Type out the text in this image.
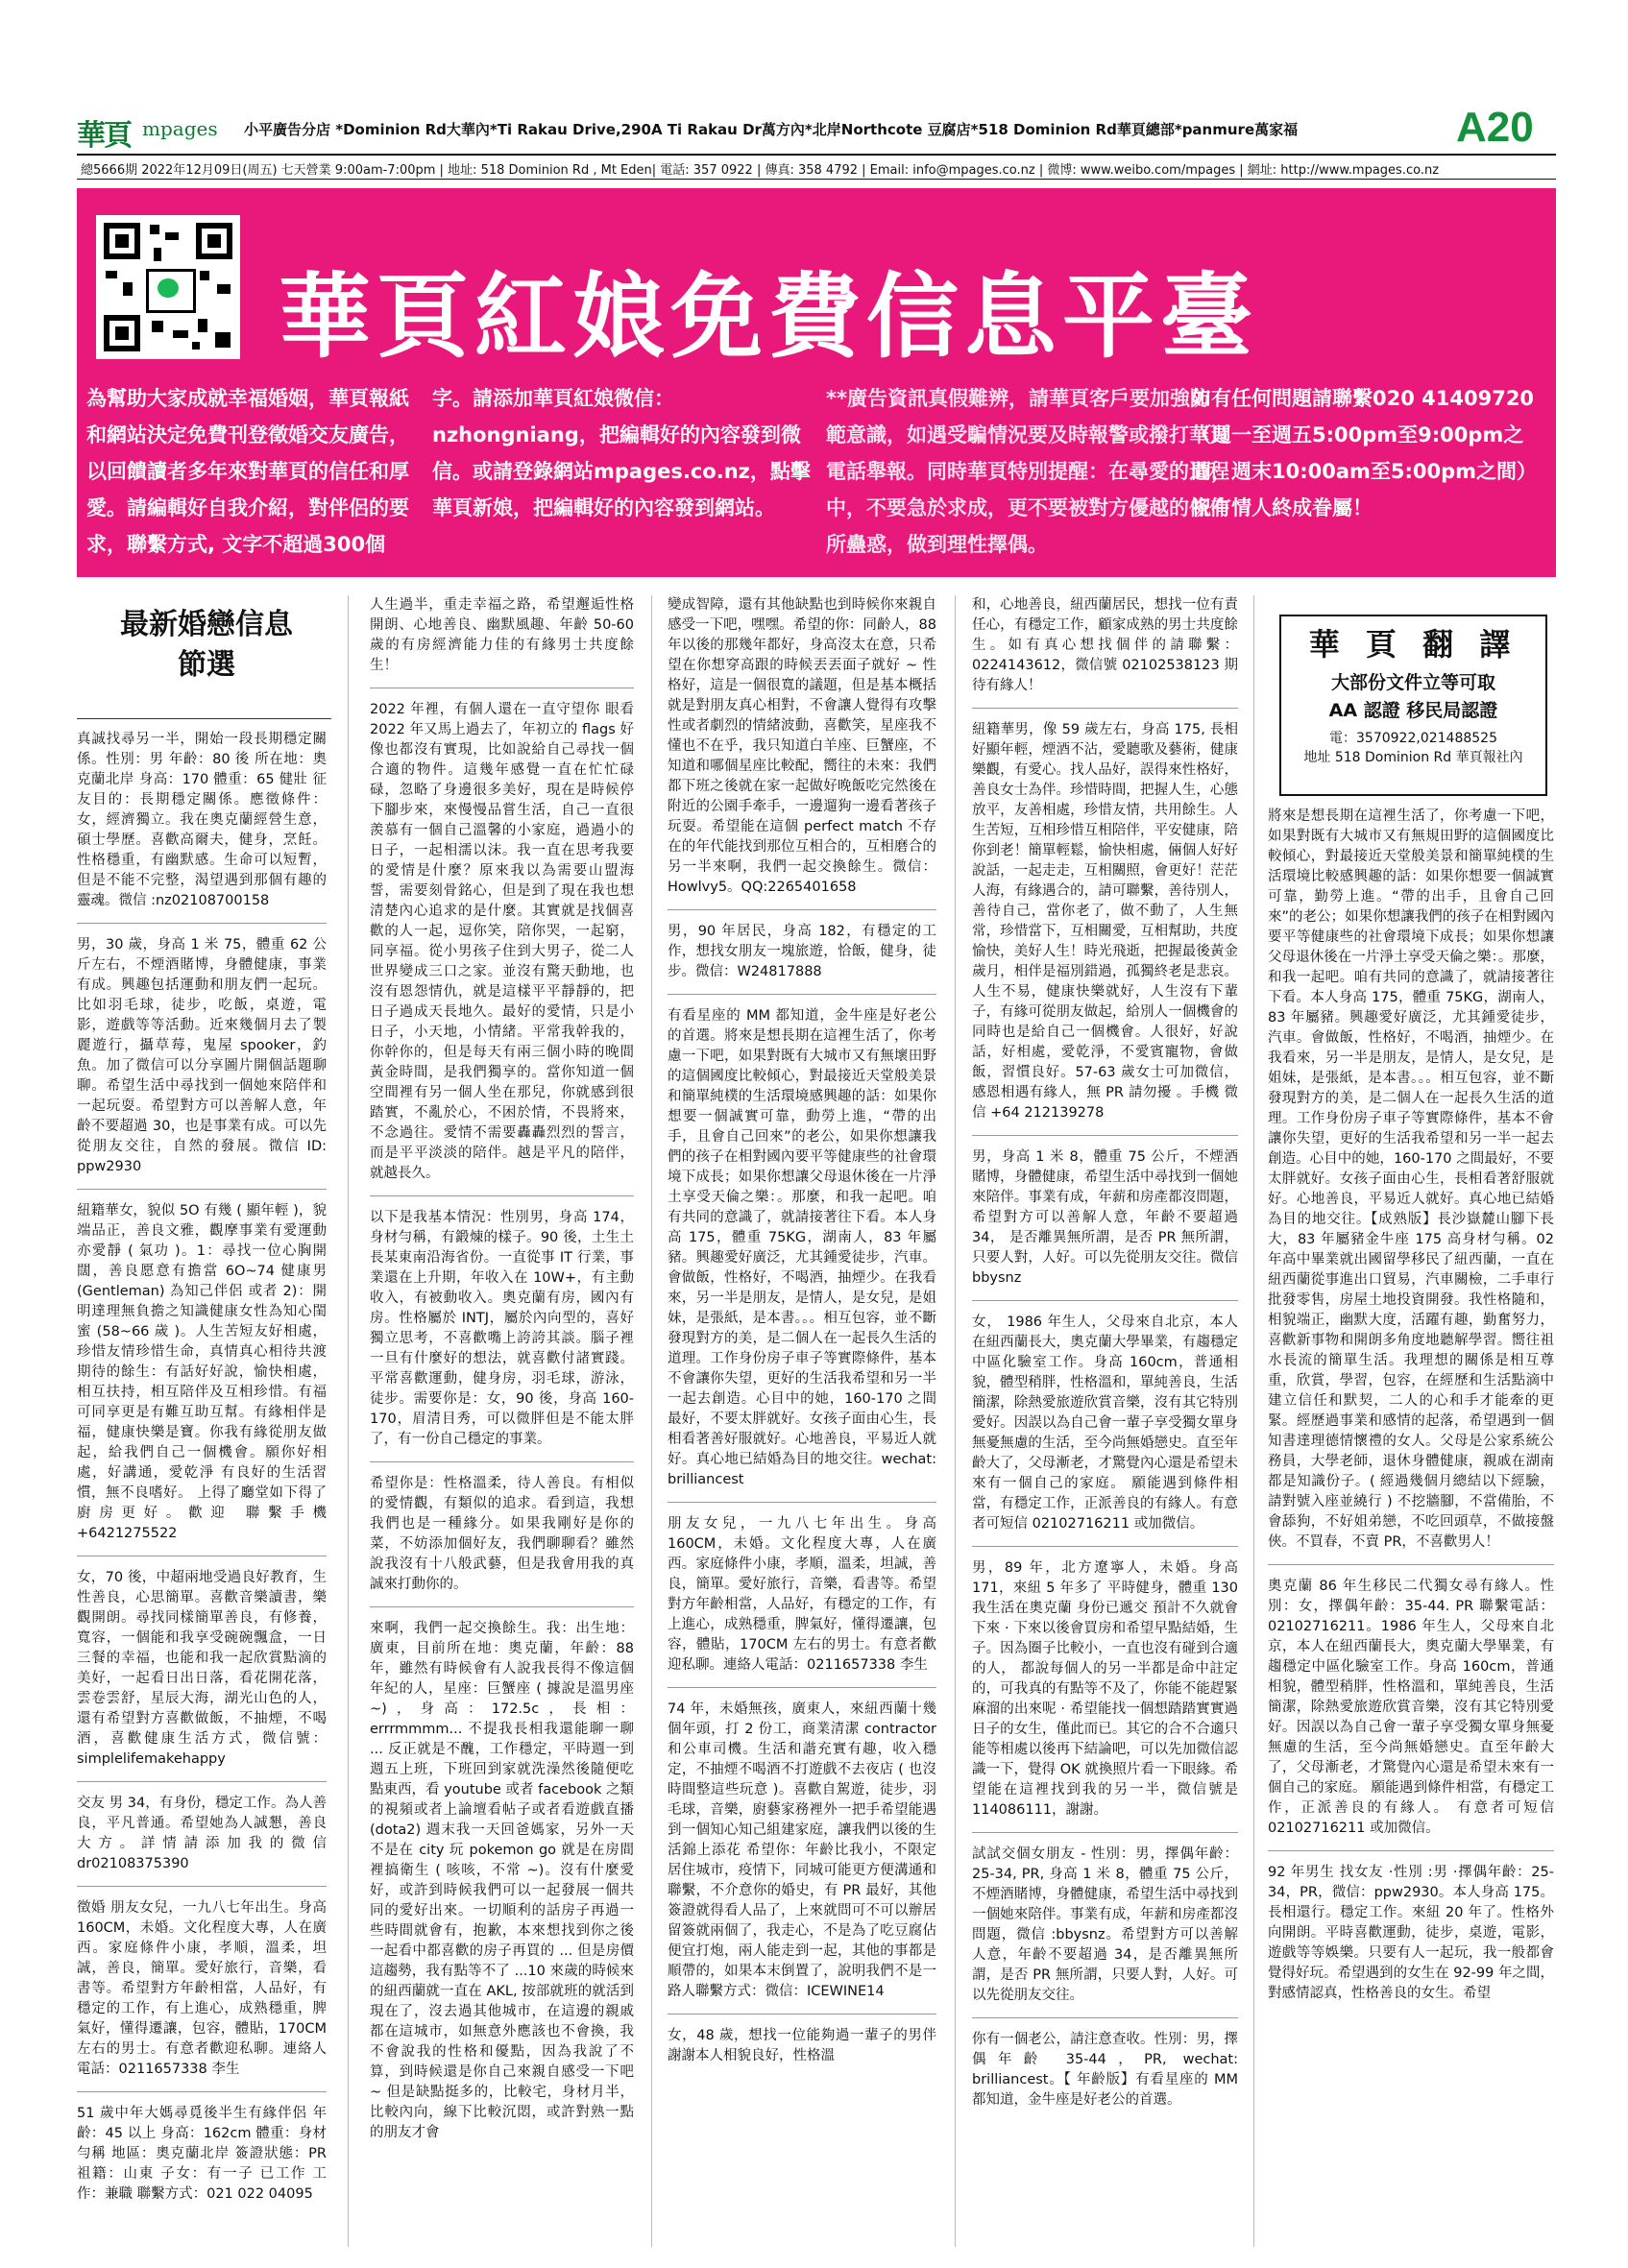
華頁 mpages 小平廣告分店 *Dominion Rd大華內*Ti Rakau Drive,290A Ti Rakau Dr萬方內*北岸Northcote 豆腐店*518 Dominion Rd華頁總部*panmure萬家福	A20
總5666期 2022年12月09日(周五) 七天營業 9:00am-7:00pm | 地址: 518 Dominion Rd , Mt Eden| 電話: 357 0922 | 傳真: 358 4792 | Email: info@mpages.co.nz | 微博: www.weibo.com/mpages | 網址: http://www.mpages.co.nz
華頁紅娘免費信息平臺
為幫助大家成就幸福婚姻，華頁報紙和網站決定免費刊登徵婚交友廣告，以回饋讀者多年來對華頁的信任和厚愛。請編輯好自我介紹，對伴侶的要求，聯繫方式, 文字不超過300個
字。請添加華頁紅娘微信：nzhongniang，把編輯好的內容發到微信。或請登錄網站mpages.co.nz，點擊華頁新娘，把編輯好的內容發到網站。
**廣告資訊真假難辨，請華頁客戶要加強防範意識，如遇受騙情況要及時報警或撥打華頁電話舉報。同時華頁特別提醒：在尋愛的過程中，不要急於求成，更不要被對方優越的條件所蠱惑，做到理性擇偶。
如有任何問題請聯繫020 41409720（週一至週五5:00pm至9:00pm之間，週末10:00am至5:00pm之間）祝有情人終成眷屬！
最新婚戀信息
節選

真誠找尋另一半，開始一段長期穩定關係。性別：男 年齡：80 後 所在地：奧克蘭北岸 身高：170 體重：65 健壯 征友目的：長期穩定關係。應徵條件：女，經濟獨立。我在奧克蘭經營生意，碩士學歷。喜歡高爾夫，健身，烹飪。性格穩重，有幽默感。生命可以短暫，但是不能不完整，渴望遇到那個有趣的靈魂。微信 :nz02108700158

男，30 歲，身高 1 米 75，體重 62 公斤左右，不煙酒賭博，身體健康，事業有成。興趣包括運動和朋友們一起玩。比如羽毛球，徒步，吃飯，桌遊，電影，遊戲等等活動。近來幾個月去了製麗遊行，攝草莓，鬼屋 spooker，釣魚。加了微信可以分享圖片開個話題聊聊。希望生活中尋找到一個她來陪伴和一起玩耍。希望對方可以善解人意，年齡不要超過 30，也是事業有成。可以先從朋友交往，自然的發展。微信 ID: ppw2930

紐籍華女，貌似 5O 有幾 ( 顯年輕 )，貌端品正，善良文雅，觀摩事業有愛運動亦愛靜 ( 氣功 )。1：尋找一位心胸開闊，善良愿意有擔當 6O~74 健康男 (Gentleman) 為知己伴侶 或者 2)：開明達理無負擔之知識健康女性為知心閨蜜 (58~66 歲 )。人生苦短友好相處，珍惜友情珍惜生命，真情真心相待共渡期待的餘生：有話好好說，愉快相處，相互扶持，相互陪伴及互相珍惜。有福可同享更是有難互助互幫。有緣相伴是福，健康快樂是寶。你我有緣從朋友做起，給我們自己一個機會。願你好相處，好講通，愛乾淨 有良好的生活習慣，無不良嗜好。 上得了廳堂如下得了廚房更好。歡迎 聯繫手機 +6421275522

女，70 後，中超兩地受過良好教育，生性善良，心思簡單。喜歡音樂讀書，樂觀開朗。尋找同樣簡單善良，有修養，寬容，一個能和我享受碗碗飄盒，一日三餐的幸福，也能和我一起欣賞點滴的美好，一起看日出日落，看花開花落，雲卷雲舒，星辰大海，湖光山色的人，還有希望對方喜歡做飯，不抽煙，不喝酒，喜歡健康生活方式，微信號：simplelifemakehappy

交友 男 34，有身份，穩定工作。為人善良，平凡普通。希望她為人誠懇，善良大方。詳情請添加我的微信 dr02108375390

徵婚 朋友女兒，一九八七年出生。身高 160CM，未婚。文化程度大專，人在廣西。家庭條件小康，孝順，溫柔，坦誠，善良，簡單。愛好旅行，音樂，看書等。希望對方年齡相當，人品好，有穩定的工作，有上進心，成熟穩重，脾氣好，懂得遷讓，包容，體貼，170CM 左右的男士。有意者歡迎私聊。連絡人電話：0211657338 李生

51 歲中年大媽尋覓後半生有緣伴侶 年齡：45 以上 身高：162cm 體重：身材勻稱 地區：奧克蘭北岸 簽證狀態：PR 祖籍：山東 子女：有一子 已工作 工作：兼職 聯繫方式：021 022 04095

人生過半，重走幸福之路，希望邂逅性格開朗、心地善良、幽默風趣、年齡 50-60 歲的有房經濟能力佳的有緣男士共度餘生！

2022 年裡，有個人還在一直守望你 眼看 2022 年又馬上過去了，年初立的 flags 好像也都沒有實現，比如說給自己尋找一個合適的物件。這幾年感覺一直在忙忙碌碌，忽略了身邊很多美好，現在是時候停下腳步來，來慢慢品嘗生活，自己一直很羨慕有一個自己溫馨的小家庭，過過小的日子，一起相濡以沫。我一直在思考我要的愛情是什麼？原來我以為需要山盟海誓，需要刻骨銘心，但是到了現在我也想清楚內心追求的是什麼。其實就是找個喜歡的人一起，逗你笑，陪你哭，一起窮，同享福。從小男孩子住到大男子，從二人世界變成三口之家。並沒有驚天動地，也沒有恩怨情仇，就是這樣平平靜靜的，把日子過成天長地久。最好的愛情，只是小日子，小天地，小情緒。平常我幹我的，你幹你的，但是每天有兩三個小時的晚間黃金時間，是我們獨享的。當你知道一個空間裡有另一個人坐在那兒，你就感到很踏實，不亂於心，不困於情，不畏將來，不念過往。愛情不需要轟轟烈烈的誓言，而是平平淡淡的陪伴。越是平凡的陪伴，就越長久。

以下是我基本情況：性別男，身高 174，身材勻稱，有鍛煉的樣子。90 後，土生土長某東南沿海省份。一直從事 IT 行業，事業還在上升期，年收入在 10W+，有主動收入，有被動收入。奧克蘭有房，國內有房。性格屬於 INTJ，屬於內向型的，喜好獨立思考，不喜歡嘴上誇誇其談。腦子裡一旦有什麼好的想法，就喜歡付諸實踐。平常喜歡運動，健身房，羽毛球，游泳，徒步。需要你是：女，90 後，身高 160-170，眉清目秀，可以微胖但是不能太胖了，有一份自己穩定的事業。

希望你是：性格溫柔，待人善良。有相似的愛情觀，有類似的追求。看到這，我想我們也是一種緣分。如果我剛好是你的菜，不妨添加個好友，我們聊聊看？雖然說我沒有十八般武藝，但是我會用我的真誠來打動你的。

來啊，我們一起交換餘生。我：出生地：廣東，目前所在地：奧克蘭，年齡：88 年，雖然有時候會有人說我長得不像這個年紀的人，星座：巨蟹座 ( 據說是溫男座 ~)，身高：172.5c，長相：errrmmmm... 不提我長相我還能聊一聊 ... 反正就是不醜，工作穩定，平時週一到週五上班，下班回到家就洗澡然後隨便吃點東西，看 youtube 或者 facebook 之類的視頻或者上論壇看帖子或者看遊戲直播 (dota2) 週末我一天回爸媽家，另外一天不是在 city 玩 pokemon go 就是在房間裡搞衛生 ( 咳咳，不常 ~)。沒有什麼愛好，或許到時候我們可以一起發展一個共同的愛好出來。一切順利的話房子再過一些時間就會有，抱歉，本來想找到你之後一起看中都喜歡的房子再買的 ... 但是房價這趨勢，我有點等不了 ...10 來歲的時候來的紐西蘭就一直在 AKL, 按部就班的就活到現在了，沒去過其他城市，在這邊的親戚都在這城市，如無意外應該也不會換，我不會說我的性格和優點，因為我說了不算，到時候還是你自己來親自感受一下吧 ~ 但是缺點挺多的，比較宅，身材月半，比較內向，線下比較沉悶，或許對熟一點的朋友才會

變成智障，還有其他缺點也到時候你來親自感受一下吧，嘿嘿。希望的你：同齡人，88 年以後的那幾年都好，身高沒太在意，只希望在你想穿高跟的時候丟丟面子就好 ~ 性格好，這是一個很寬的議題，但是基本概括就是對朋友真心相對，不會讓人覺得有攻擊性或者劇烈的情緒波動，喜歡笑，星座我不懂也不在乎，我只知道白羊座、巨蟹座，不知道和哪個星座比較配，嚮往的未來：我們都下班之後就在家一起做好晚飯吃完然後在附近的公園手牽手，一邊遛狗一邊看著孩子玩耍。希望能在這個 perfect match 不存在的年代能找到那位互相合的，互相磨合的另一半來啊，我們一起交換餘生。微信：Howlvy5。QQ:2265401658

男，90 年居民，身高 182，有穩定的工作，想找女朋友一塊旅遊，恰飯，健身，徒步。微信：W24817888

有看星座的 MM 都知道，金牛座是好老公的首選。將來是想長期在這裡生活了，你考慮一下吧，如果對既有大城市又有無壞田野的這個國度比較傾心，對最接近天堂般美景和簡單純樸的生活環境感興趣的話：如果你想要一個誠實可靠，動勞上進，“帶的出手，且會自己回來”的老公，如果你想讓我們的孩子在相對國內要平等健康些的社會環境下成長；如果你想讓父母退休後在一片淨土享受天倫之樂：。那麼，和我一起吧。咱有共同的意識了，就請接著往下看。本人身高 175，體重 75KG，湖南人，83 年屬豬。興趣愛好廣泛，尤其鍾愛徒步，汽車。會做飯，性格好，不喝酒，抽煙少。在我看來，另一半是朋友，是情人，是女兒，是姐妹，是張紙，是本書。。。相互包容，並不斷發現對方的美，是二個人在一起長久生活的道理。工作身份房子車子等實際條件，基本不會讓你失望，更好的生活我希望和另一半一起去創造。心目中的她，160-170 之間最好，不要太胖就好。女孩子面由心生，長相看著善好服就好。心地善良，平易近人就好。真心地已結婚為目的地交往。wechat: brilliancest

朋友女兒，一九八七年出生。身高 160CM，未婚。文化程度大專，人在廣西。家庭條件小康，孝順，溫柔，坦誠，善良，簡單。愛好旅行，音樂，看書等。希望對方年齡相當，人品好，有穩定的工作，有上進心，成熟穩重，脾氣好，懂得遷讓，包容，體貼，170CM 左右的男士。有意者歡迎私聊。連絡人電話：0211657338 李生

74 年，未婚無孩，廣東人，來紐西蘭十幾個年頭，打 2 份工，商業清潔 contractor 和公車司機。生活和諧充實有趣，收入穩定，不抽煙不喝酒不打遊戲不去夜店 ( 也沒時間整這些玩意 )。喜歡自駕遊，徒步，羽毛球，音樂，廚藝家務裡外一把手希望能遇到一個知心知己組建家庭，讓我們以後的生活錦上添花 希望你：年齡比我小，不限定居住城市，疫情下，同城可能更方便溝通和聯繫，不介意你的婚史，有 PR 最好，其他簽證就得看人品了，上來就問可不可以辦居留簽就兩個了，我走心，不是為了吃豆腐佔便宜打炮，兩人能走到一起，其他的事都是順帶的，如果本末倒置了，說明我們不是一路人聯繫方式：微信：ICEWINE14

女，48 歲，想找一位能夠過一輩子的男伴謝謝本人相貌良好，性格溫

和，心地善良，紐西蘭居民，想找一位有責任心，有穩定工作，顧家成熟的男士共度餘生。如有真心想找個伴的請聯繫：0224143612，微信號 02102538123 期待有緣人！

紐籍華男，像 59 歲左右，身高 175, 長相好顯年輕，煙酒不沾，愛聽歌及藝術，健康樂觀，有愛心。找人品好，誤得來性格好，善良女士為伴。珍惜時間，把握人生，心態放平，友善相處，珍惜友情，共用餘生。人生苦短，互相珍惜互相陪伴，平安健康，陪你到老！簡單輕鬆，愉快相處，倆個人好好說話，一起走走，互相關照，會更好！茫茫人海，有緣遇合的，請可聯繫，善待別人，善待自己，當你老了，做不動了，人生無常，珍惜當下，互相關愛，互相幫助，共度愉快，美好人生！時光飛逝，把握最後黃金歲月，相伴是福別錯過，孤獨終老是悲哀。人生不易，健康快樂就好，人生沒有下輩子，有緣可從朋友做起，給別人一個機會的同時也是給自己一個機會。人很好，好說話，好相處，愛乾淨，不愛賓寵物，會做飯，習慣良好。57-63 歲女士可加微信，感恩相遇有緣人，無 PR 請勿擾 。手機 微信 +64 212139278

男，身高 1 米 8，體重 75 公斤，不煙酒賭博，身體健康，希望生活中尋找到一個她來陪伴。事業有成，年薪和房產都沒問題，希望對方可以善解人意，年齡不要超過 34， 是否離異無所謂，是否 PR 無所謂，只要人對，人好。可以先從朋友交往。微信 bbysnz

女， 1986 年生人，父母來自北京，本人在紐西蘭長大，奧克蘭大學畢業，有趨穩定中區化驗室工作。身高 160cm，普通相貌，體型稍胖，性格溫和，單純善良，生活簡潔，除熱愛旅遊欣賞音樂，沒有其它特別愛好。因誤以為自己會一輩子享受獨女單身無憂無慮的生活，至今尚無婚戀史。直至年齡大了，父母漸老，才驚覺內心還是希望未來有一個自己的家庭。 願能遇到條件相當，有穩定工作，正派善良的有緣人。有意者可短信 02102716211 或加微信。

男，89 年，北方遼寧人，未婚。身高 171，來紐 5 年多了 平時健身，體重 130 我生活在奧克蘭 身份已遞交 預計不久就會下來 · 下來以後會買房和希望早點結婚，生子。因為圈子比較小，一直也沒有碰到合適的人， 都說每個人的另一半都是命中註定的，可我真的有點等不及了，你能不能趕緊麻溜的出來呢 · 希望能找一個想踏踏實實過日子的女生，僅此而已。其它的合不合適只能等相處以後再下結論吧，可以先加微信認識一下，覺得 OK 就換照片看一下眼緣。希望能在這裡找到我的另一半，微信號是 114086111，謝謝。

試試交個女朋友 - 性別：男，擇偶年齡：25-34, PR, 身高 1 米 8，體重 75 公斤，不煙酒賭博，身體健康，希望生活中尋找到一個她來陪伴。事業有成，年薪和房產都沒問題，微信 :bbysnz。希望對方可以善解人意，年齡不要超過 34，是否離異無所謂，是否 PR 無所謂，只要人對，人好。可以先從朋友交往。

你有一個老公，請注意查收。性別：男，擇偶年齡 35-44，PR, wechat: brilliancest。【 年齡版】有看星座的 MM 都知道，金牛座是好老公的首選。

華 頁 翻 譯
大部份文件立等可取
AA 認證 移民局認證
電：3570922,021488525
地址 518 Dominion Rd 華頁報社內

將來是想長期在這裡生活了，你考慮一下吧，如果對既有大城市又有無規田野的這個國度比較傾心，對最接近天堂般美景和簡單純樸的生活環境比較感興趣的話：如果你想要一個誠實可靠，勤勞上進。“帶的出手，且會自己回來”的老公；如果你想讓我們的孩子在相對國內要平等健康些的社會環境下成長；如果你想讓父母退休後在一片淨土享受天倫之樂：。那麼，和我一起吧。咱有共同的意識了，就請接著往下看。本人身高 175，體重 75KG，湖南人，83 年屬豬。興趣愛好廣泛，尤其鍾愛徒步，汽車。會做飯，性格好，不喝酒，抽煙少。在我看來，另一半是朋友，是情人，是女兒，是姐妹，是張紙，是本書。。。相互包容，並不斷發現對方的美，是二個人在一起長久生活的道理。工作身份房子車子等實際條件，基本不會讓你失望，更好的生活我希望和另一半一起去創造。心目中的她，160-170 之間最好，不要太胖就好。女孩子面由心生，長相看著舒服就好。心地善良，平易近人就好。真心地已結婚為目的地交往。【成熟版】長沙嶽麓山腳下長大，83 年屬豬金牛座 175 高身材勻稱。02 年高中畢業就出國留學移民了紐西蘭，一直在紐西蘭從事進出口貿易，汽車關檢，二手車行批發零售，房屋土地投資開發。我性格隨和，相貌端正，幽默大度，活躍有趣，勤奮努力，喜歡新事物和開朗多角度地聽解學習。嚮往祖水長流的簡單生活。我理想的關係是相互尊重，欣賞，學習，包容，在經歷和生活點滴中建立信任和默契，二人的心和手才能牽的更緊。經歷過事業和感情的起落，希望遇到一個知書達理德情懷禮的女人。父母是公家系統公務員，大學老師，退休身體健康，親戚在湖南都是知識份子。( 經過幾個月總結以下經驗，請對號入座並繞行 ) 不挖牆腳，不當備胎，不會舔狗，不好姐弟戀，不吃回頭草，不做接盤俠。不買春，不賣 PR，不喜歡男人！

奧克蘭 86 年生移民二代獨女尋有緣人。性別：女，擇偶年齡：35-44. PR 聯繫電話：02102716211。1986 年生人，父母來自北京，本人在紐西蘭長大，奧克蘭大學畢業，有趨穩定中區化驗室工作。身高 160cm，普通相貌，體型稍胖，性格溫和，單純善良，生活簡潔，除熱愛旅遊欣賞音樂，沒有其它特別愛好。因誤以為自己會一輩子享受獨女單身無憂無慮的生活，至今尚無婚戀史。直至年齡大了，父母漸老，才驚覺內心還是希望未來有一個自己的家庭。 願能遇到條件相當，有穩定工作，正派善良的有緣人。 有意者可短信 02102716211 或加微信。

92 年男生 找女友 ·性別 :男 ·擇偶年齡：25-34，PR，微信：ppw2930。本人身高 175。長相還行。穩定工作。來紐 20 年了。性格外向開朗。平時喜歡運動，徒步，桌遊，電影，遊戲等等娛樂。只要有人一起玩，我一般都會覺得好玩。希望遇到的女生在 92-99 年之間，對感情認真，性格善良的女生。希望
